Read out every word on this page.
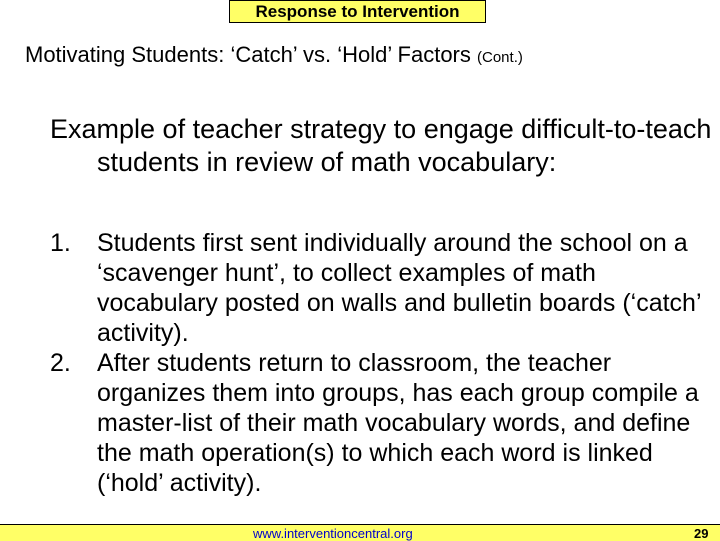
Response to Intervention
Motivating Students: ‘Catch’ vs. ‘Hold’ Factors (Cont.)
Example of teacher strategy to engage difficult-to-teach students in review of math vocabulary:
1. Students first sent individually around the school on a ‘scavenger hunt’, to collect examples of math vocabulary posted on walls and bulletin boards (‘catch’ activity).
2. After students return to classroom, the teacher organizes them into groups, has each group compile a master-list of their math vocabulary words, and define the math operation(s) to which each word is linked (‘hold’ activity).
www.interventioncentral.org	29
